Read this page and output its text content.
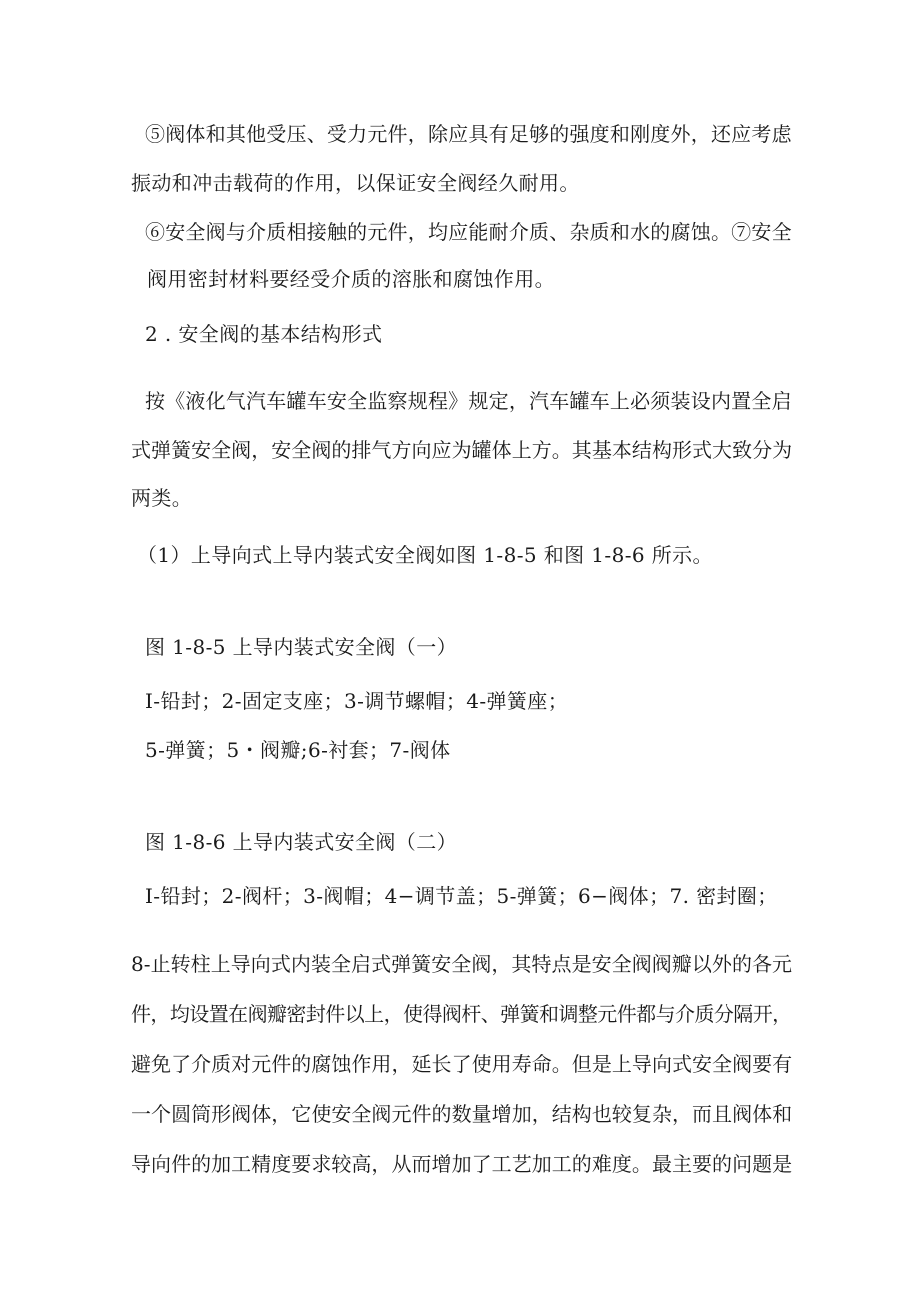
⑤阀体和其他受压、受力元件，除应具有足够的强度和刚度外，还应考虑
振动和冲击载荷的作用，以保证安全阀经久耐用。
⑥安全阀与介质相接触的元件，均应能耐介质、杂质和水的腐蚀。⑦安全
阀用密封材料要经受介质的溶胀和腐蚀作用。
2 . 安全阀的基本结构形式
按《液化气汽车罐车安全监察规程》规定，汽车罐车上必须装设内置全启
式弹簧安全阀，安全阀的排气方向应为罐体上方。其基本结构形式大致分为
两类。
（1）上导向式上导内装式安全阀如图 1-8-5 和图 1-8-6 所示。
图 1-8-5 上导内装式安全阀（一）
I-铅封；2-固定支座；3-调节螺帽；4-弹簧座；
5-弹簧；5・阀瓣;6-衬套；7-阀体
图 1-8-6 上导内装式安全阀（二）
I-铅封；2-阀杆；3-阀帽；4−调节盖；5-弹簧；6−阀体；7. 密封圈；
8-止转柱上导向式内装全启式弹簧安全阀，其特点是安全阀阀瓣以外的各元
件，均设置在阀瓣密封件以上，使得阀杆、弹簧和调整元件都与介质分隔开，
避免了介质对元件的腐蚀作用，延长了使用寿命。但是上导向式安全阀要有
一个圆筒形阀体，它使安全阀元件的数量增加，结构也较复杂，而且阀体和
导向件的加工精度要求较高，从而增加了工艺加工的难度。最主要的问题是
